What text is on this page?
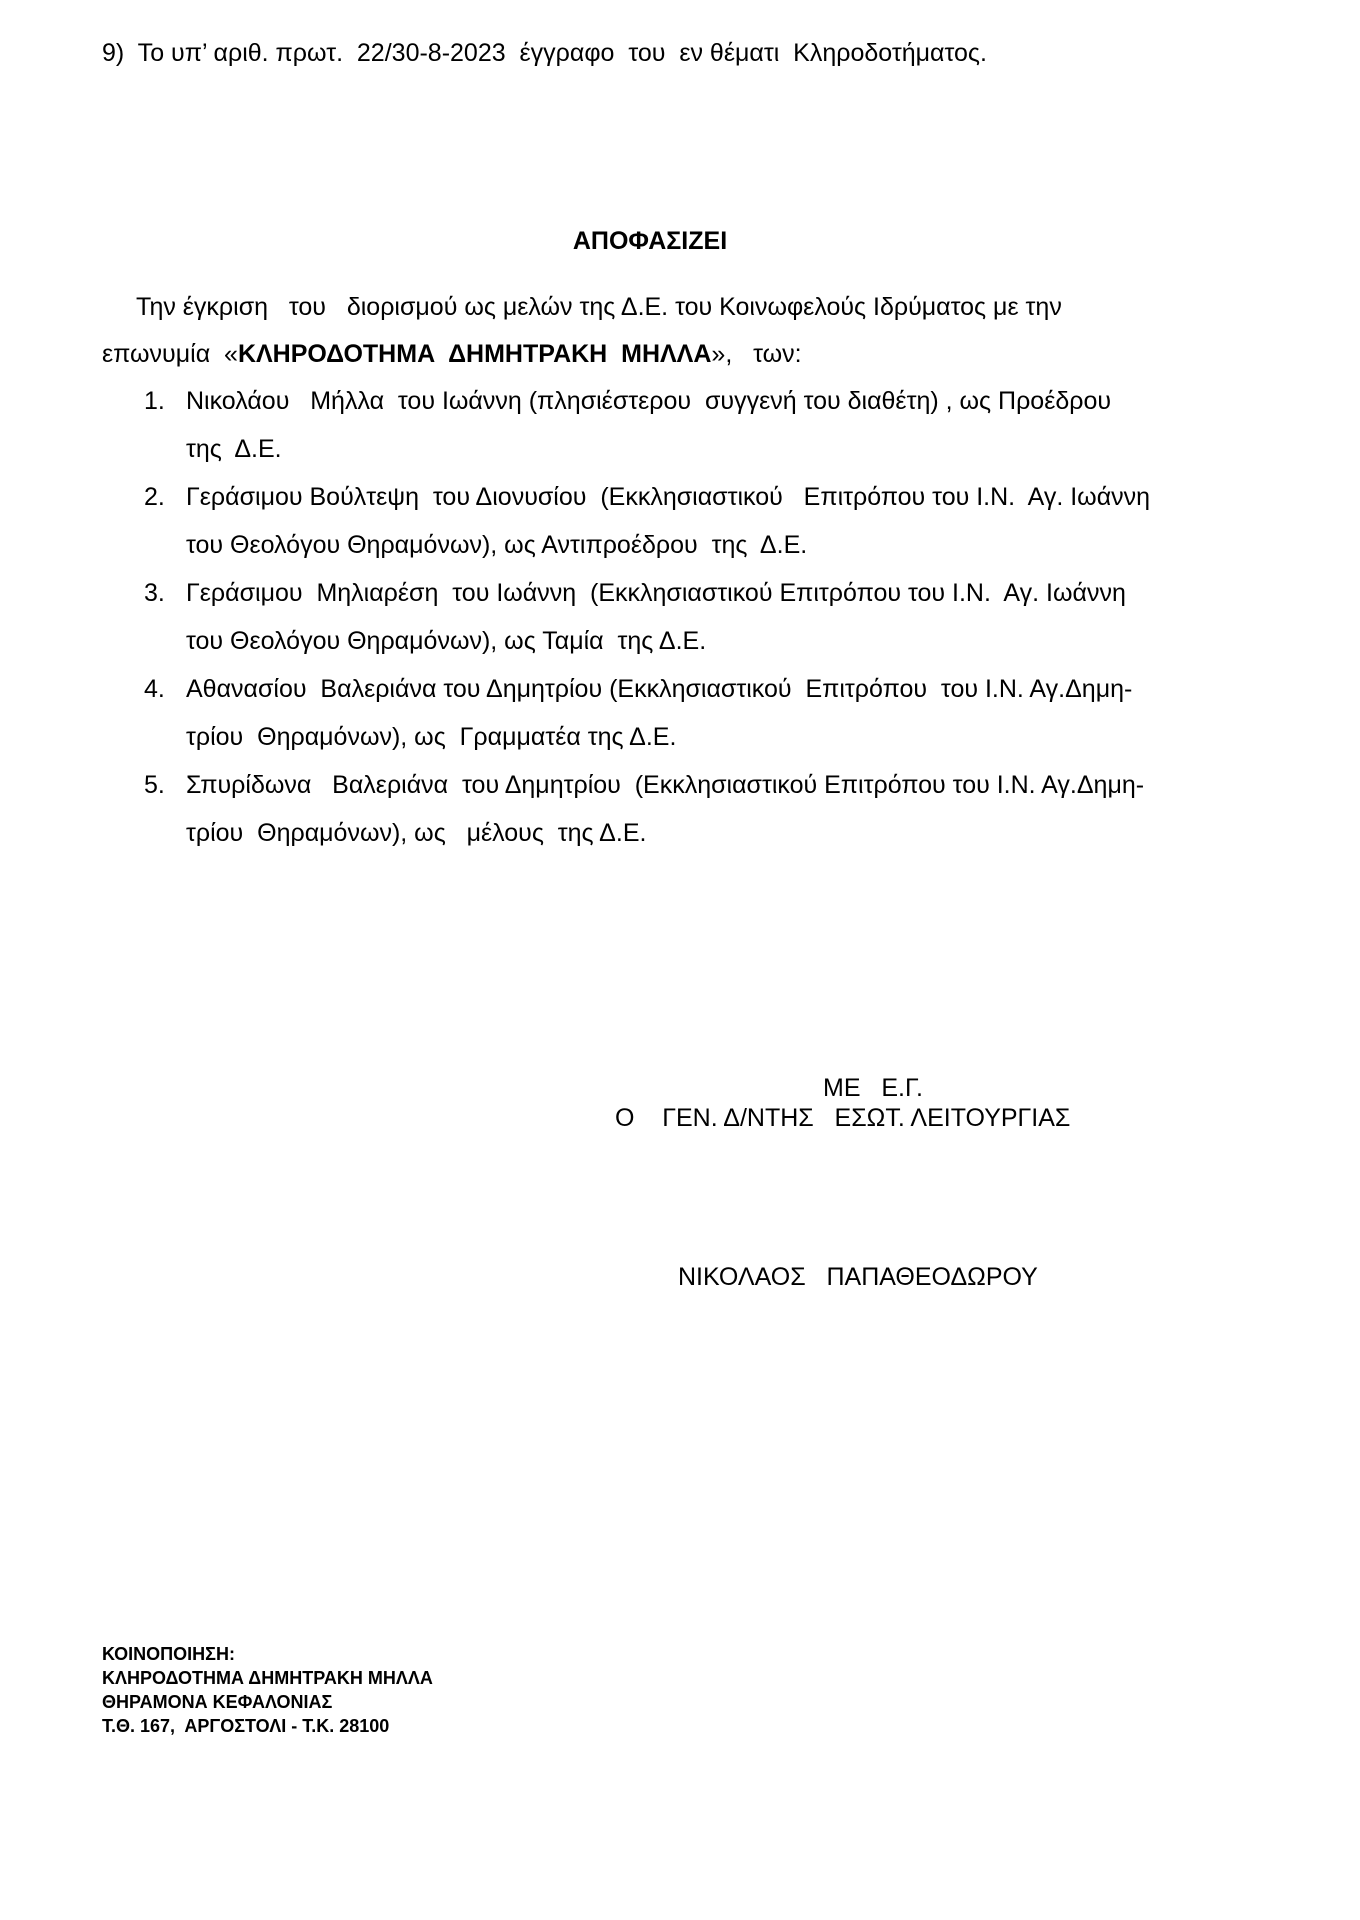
9)  Το υπ’ αριθ. πρωτ.  22/30-8-2023  έγγραφο  του  εν θέματι  Κληροδοτήματος.
ΑΠΟΦΑΣΙΖΕΙ
Την έγκριση   του   διορισμού ως μελών της Δ.Ε. του Κοινωφελούς Ιδρύματος με την
επωνυμία  «ΚΛΗΡΟΔΟΤΗΜΑ  ΔΗΜΗΤΡΑΚΗ  ΜΗΛΛΑ»,   των:
1. Νικολάου   Μήλλα  του Ιωάννη (πλησιέστερου  συγγενή του διαθέτη) , ως Προέδρου
της  Δ.Ε.
2. Γεράσιμου Βούλτεψη  του Διονυσίου  (Εκκλησιαστικού   Επιτρόπου του Ι.Ν.  Αγ. Ιωάννη
του Θεολόγου Θηραμόνων), ως Αντιπροέδρου  της  Δ.Ε.
3. Γεράσιμου  Μηλιαρέση  του Ιωάννη  (Εκκλησιαστικού Επιτρόπου του Ι.Ν.  Αγ. Ιωάννη
του Θεολόγου Θηραμόνων), ως Ταμία  της Δ.Ε.
4. Αθανασίου  Βαλεριάνα του Δημητρίου (Εκκλησιαστικού  Επιτρόπου  του Ι.Ν. Αγ.Δημη-
τρίου  Θηραμόνων), ως  Γραμματέα της Δ.Ε.
5. Σπυρίδωνα   Βαλεριάνα  του Δημητρίου  (Εκκλησιαστικού Επιτρόπου του Ι.Ν. Αγ.Δημη-
τρίου  Θηραμόνων), ως   μέλους  της Δ.Ε.
ΜΕ   Ε.Γ.
Ο    ΓΕΝ. Δ/ΝΤΗΣ   ΕΣΩΤ. ΛΕΙΤΟΥΡΓΙΑΣ
ΝΙΚΟΛΑΟΣ   ΠΑΠΑΘΕΟΔΩΡΟΥ
ΚΟΙΝΟΠΟΙΗΣΗ:
ΚΛΗΡΟΔΟΤΗΜΑ ΔΗΜΗΤΡΑΚΗ ΜΗΛΛΑ
ΘΗΡΑΜΟΝΑ ΚΕΦΑΛΟΝΙΑΣ
Τ.Θ. 167,  ΑΡΓΟΣΤΟΛΙ - Τ.Κ. 28100
